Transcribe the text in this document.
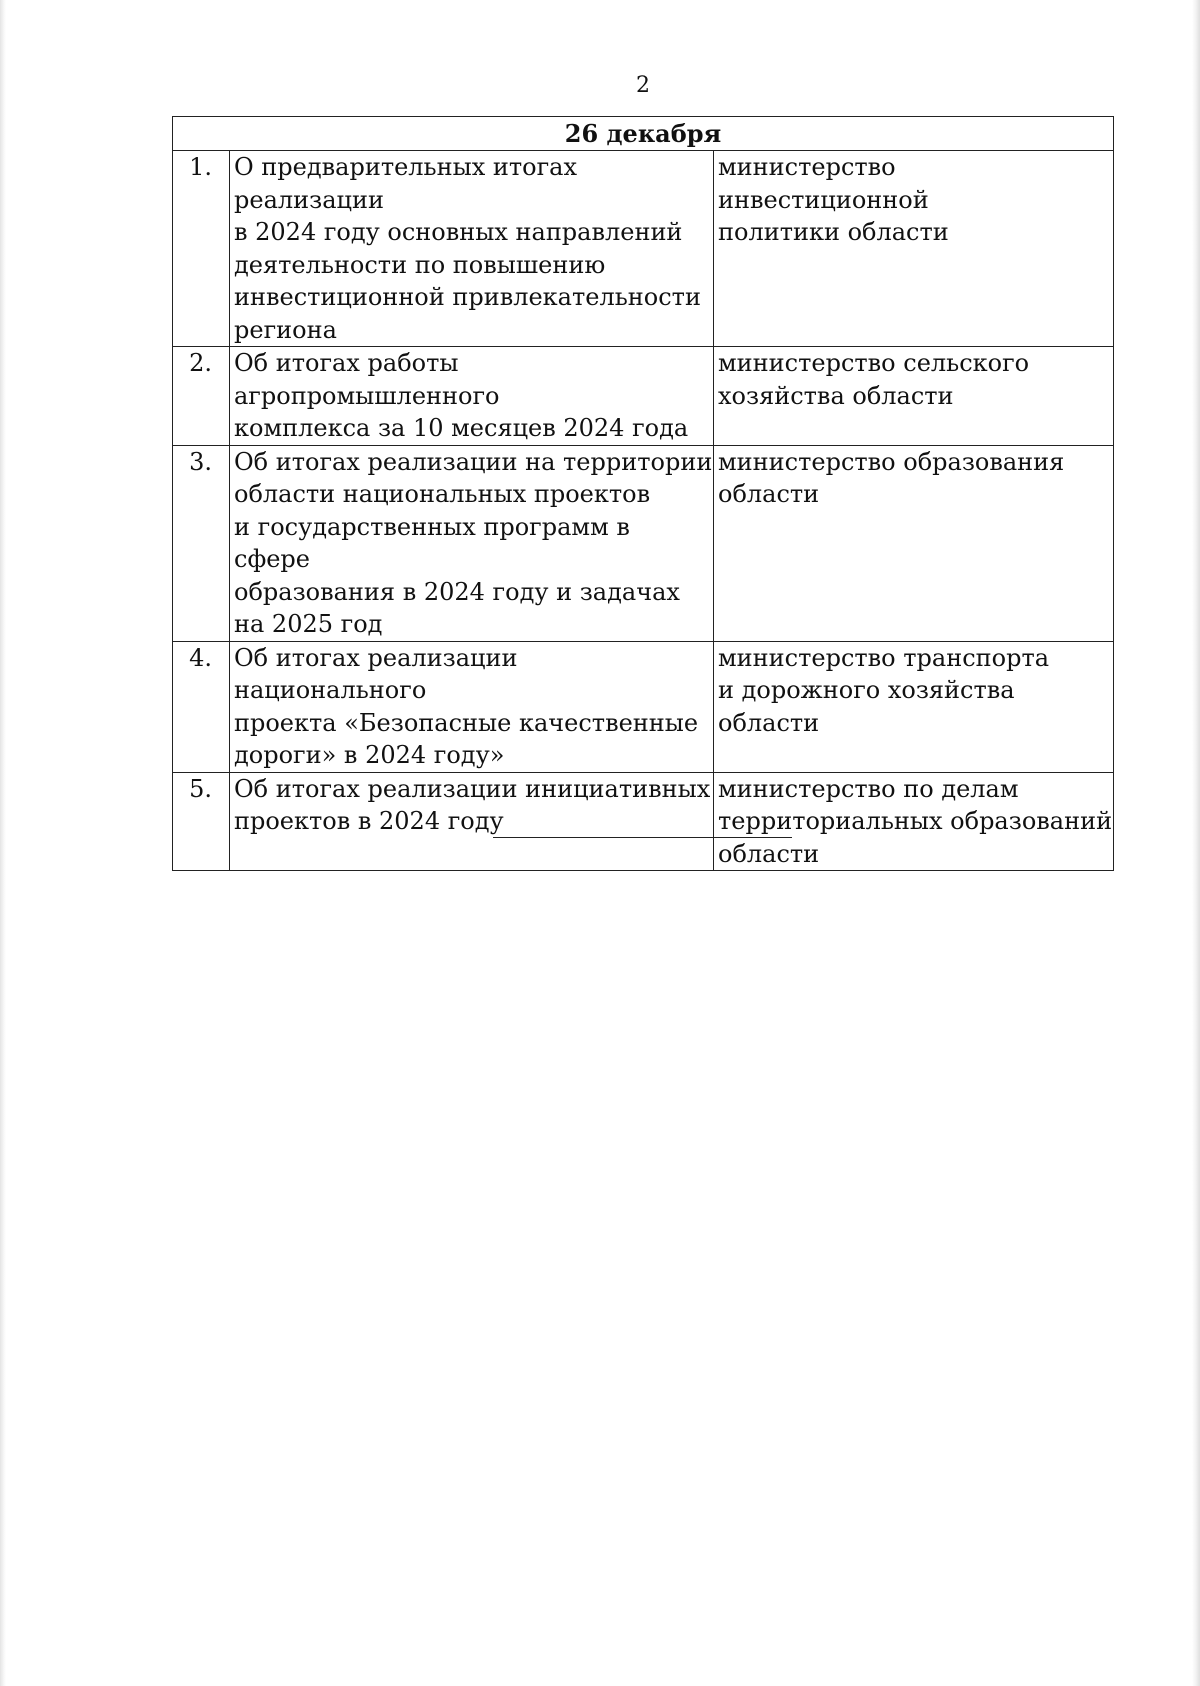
2
26 декабря		
1.	О предварительных итогах реализации
в 2024 году основных направлений
деятельности по повышению
инвестиционной привлекательности
региона	министерство инвестиционной
политики области
2.	Об итогах работы агропромышленного
комплекса за 10 месяцев 2024 года	министерство сельского
хозяйства области
3.	Об итогах реализации на территории
области национальных проектов
и государственных программ в сфере
образования в 2024 году и задачах
на 2025 год	министерство образования
области
4.	Об итогах реализации национального
проекта «Безопасные качественные
дороги» в 2024 году»	министерство транспорта
и дорожного хозяйства области
5.	Об итогах реализации инициативных
проектов в 2024 году	министерство по делам
территориальных образований
области
